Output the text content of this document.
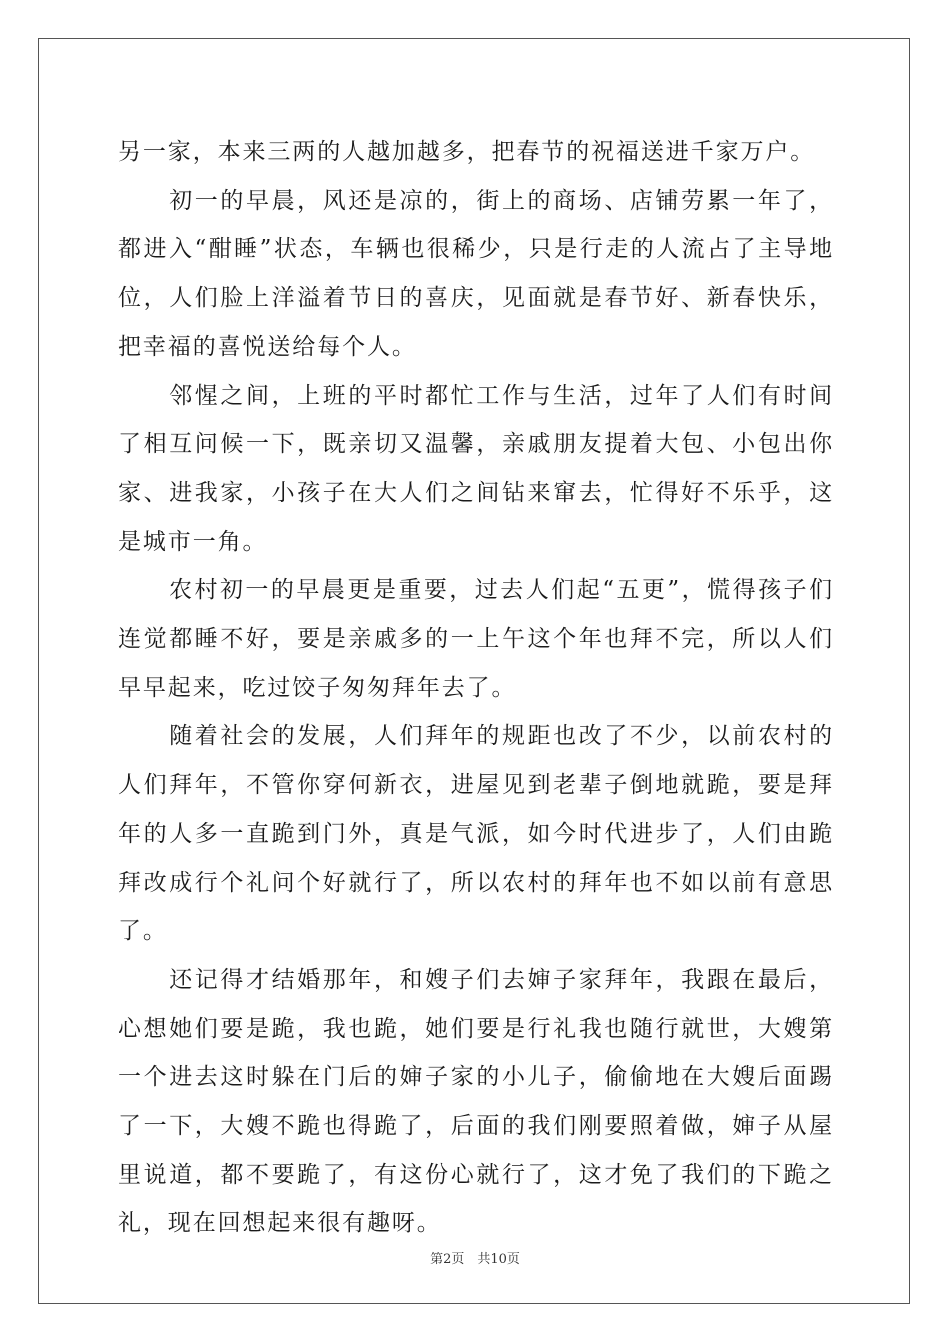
另一家，本来三两的人越加越多，把春节的祝福送进千家万户。

　　初一的早晨，风还是凉的，街上的商场、店铺劳累一年了，都进入“酣睡”状态，车辆也很稀少，只是行走的人流占了主导地位，人们脸上洋溢着节日的喜庆，见面就是春节好、新春快乐，把幸福的喜悦送给每个人。

　　邻惺之间，上班的平时都忙工作与生活，过年了人们有时间了相互问候一下，既亲切又温馨，亲戚朋友提着大包、小包出你家、进我家，小孩子在大人们之间钻来窜去，忙得好不乐乎，这是城市一角。

　　农村初一的早晨更是重要，过去人们起“五更”，慌得孩子们连觉都睡不好，要是亲戚多的一上午这个年也拜不完，所以人们早早起来，吃过饺子匆匆拜年去了。

　　随着社会的发展，人们拜年的规距也改了不少，以前农村的人们拜年，不管你穿何新衣，进屋见到老辈子倒地就跪，要是拜年的人多一直跪到门外，真是气派，如今时代进步了，人们由跪拜改成行个礼问个好就行了，所以农村的拜年也不如以前有意思了。

　　还记得才结婚那年，和嫂子们去婶子家拜年，我跟在最后，心想她们要是跪，我也跪，她们要是行礼我也随行就世，大嫂第一个进去这时躲在门后的婶子家的小儿子，偷偷地在大嫂后面踢了一下，大嫂不跪也得跪了，后面的我们刚要照着做，婶子从屋里说道，都不要跪了，有这份心就行了，这才免了我们的下跪之礼，现在回想起来很有趣呀。

第2页　共10页
